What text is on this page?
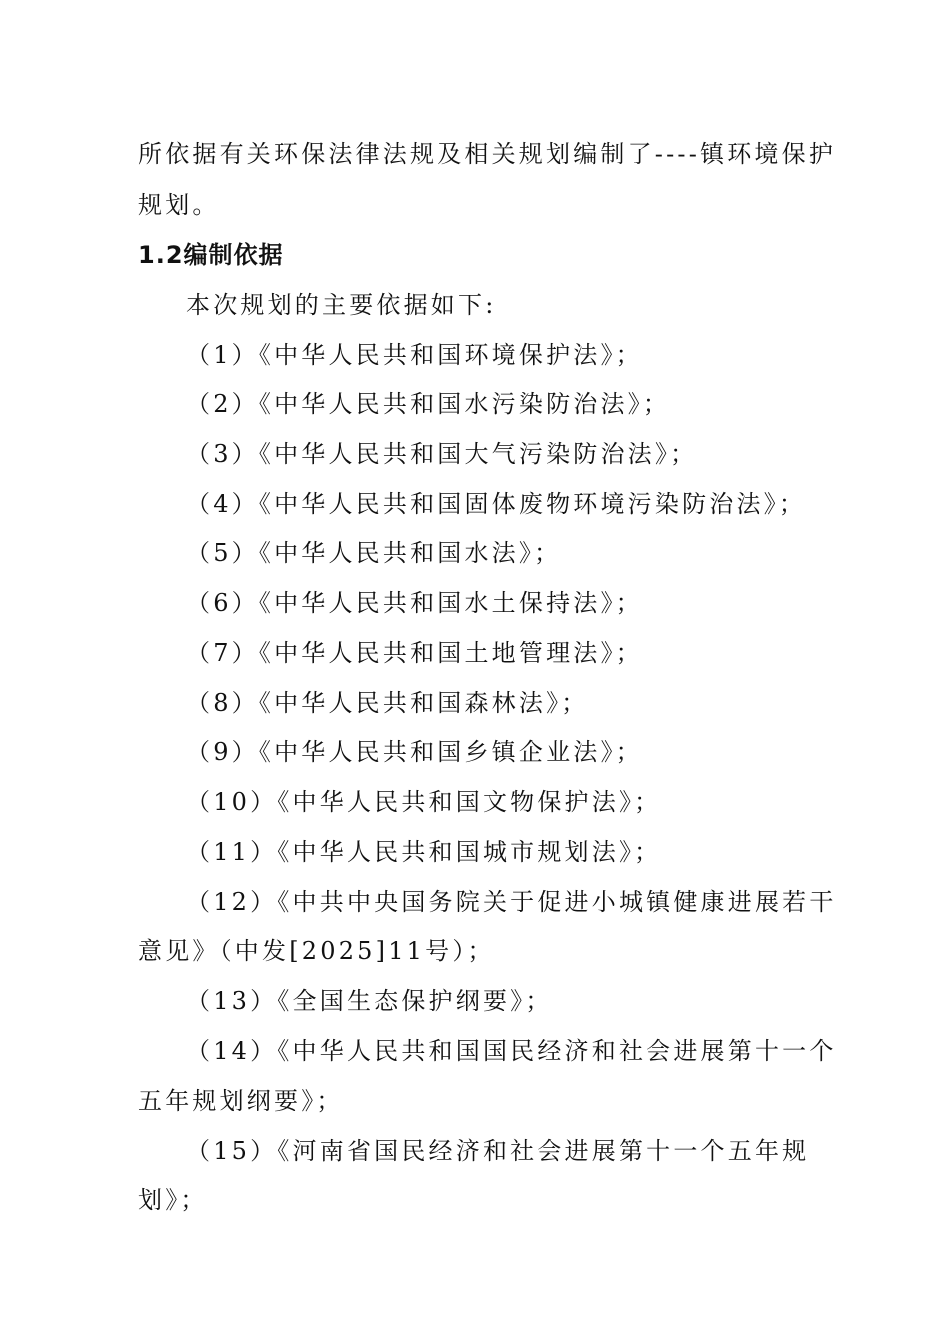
所依据有关环保法律法规及相关规划编制了----镇环境保护
规划。
1.2编制依据
本次规划的主要依据如下:
（1）《中华人民共和国环境保护法》；
（2）《中华人民共和国水污染防治法》；
（3）《中华人民共和国大气污染防治法》；
（4）《中华人民共和国固体废物环境污染防治法》；
（5）《中华人民共和国水法》；
（6）《中华人民共和国水土保持法》；
（7）《中华人民共和国土地管理法》；
（8）《中华人民共和国森林法》；
（9）《中华人民共和国乡镇企业法》；
（10）《中华人民共和国文物保护法》；
（11）《中华人民共和国城市规划法》；
（12）《中共中央国务院关于促进小城镇健康进展若干
意见》（中发[2025]11号）；
（13）《全国生态保护纲要》；
（14）《中华人民共和国国民经济和社会进展第十一个
五年规划纲要》；
（15）《河南省国民经济和社会进展第十一个五年规
划》；
